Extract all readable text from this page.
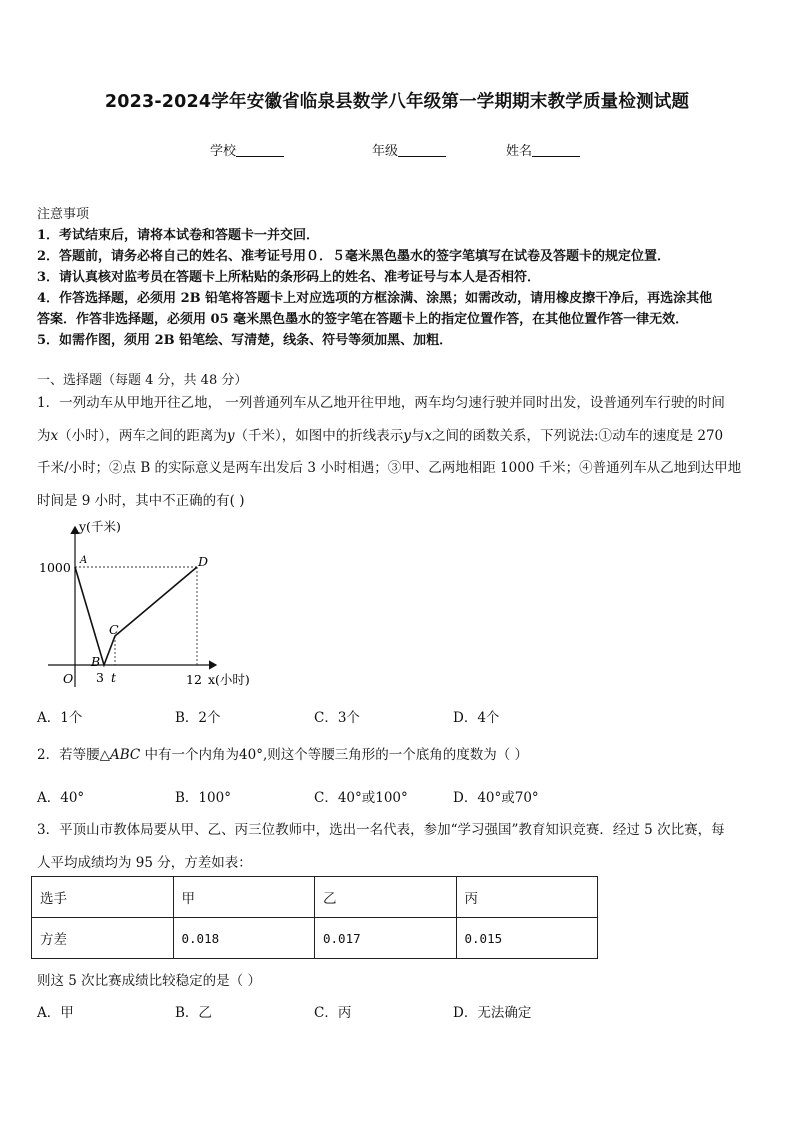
2023-2024学年安徽省临泉县数学八年级第一学期期末教学质量检测试题
学校	年级	姓名
注意事项
1．考试结束后，请将本试卷和答题卡一并交回．
2．答题前，请务必将自己的姓名、准考证号用０．５毫米黑色墨水的签字笔填写在试卷及答题卡的规定位置．
3．请认真核对监考员在答题卡上所粘贴的条形码上的姓名、准考证号与本人是否相符．
4．作答选择题，必须用 2B 铅笔将答题卡上对应选项的方框涂满、涂黑；如需改动，请用橡皮擦干净后，再选涂其他
答案．作答非选择题，必须用 05 毫米黑色墨水的签字笔在答题卡上的指定位置作答，在其他位置作答一律无效．
5．如需作图，须用 2B 铅笔绘、写清楚，线条、符号等须加黑、加粗．
一、选择题（每题 4 分，共 48 分）
1．一列动车从甲地开往乙地， 一列普通列车从乙地开往甲地，两车均匀速行驶并同时出发，设普通列车行驶的时间
为x（小时），两车之间的距离为y（千米），如图中的折线表示y与x之间的函数关系，下列说法:①动车的速度是 270
千米/小时；②点 B 的实际意义是两车出发后 3 小时相遇；③甲、乙两地相距 1000 千米；④普通列车从乙地到达甲地
时间是 9 小时，其中不正确的有( )
y(千米)
x(小时)
O
1000
3 t	12
A
B
C
D
A．1个	B．2个	C．3个	D．4个
2．若等腰△ABC 中有一个内角为40°,则这个等腰三角形的一个底角的度数为（ ）
A．40°	B．100°	C．40°或100°	D．40°或70°
3．平顶山市教体局要从甲、乙、丙三位教师中，选出一名代表，参加“学习强国”教育知识竞赛．经过 5 次比赛，每
人平均成绩均为 95 分，方差如表：
选手	甲	乙	丙
方差	0.018	0.017	0.015
则这 5 次比赛成绩比较稳定的是（ ）
A．甲	B．乙	C．丙	D．无法确定
